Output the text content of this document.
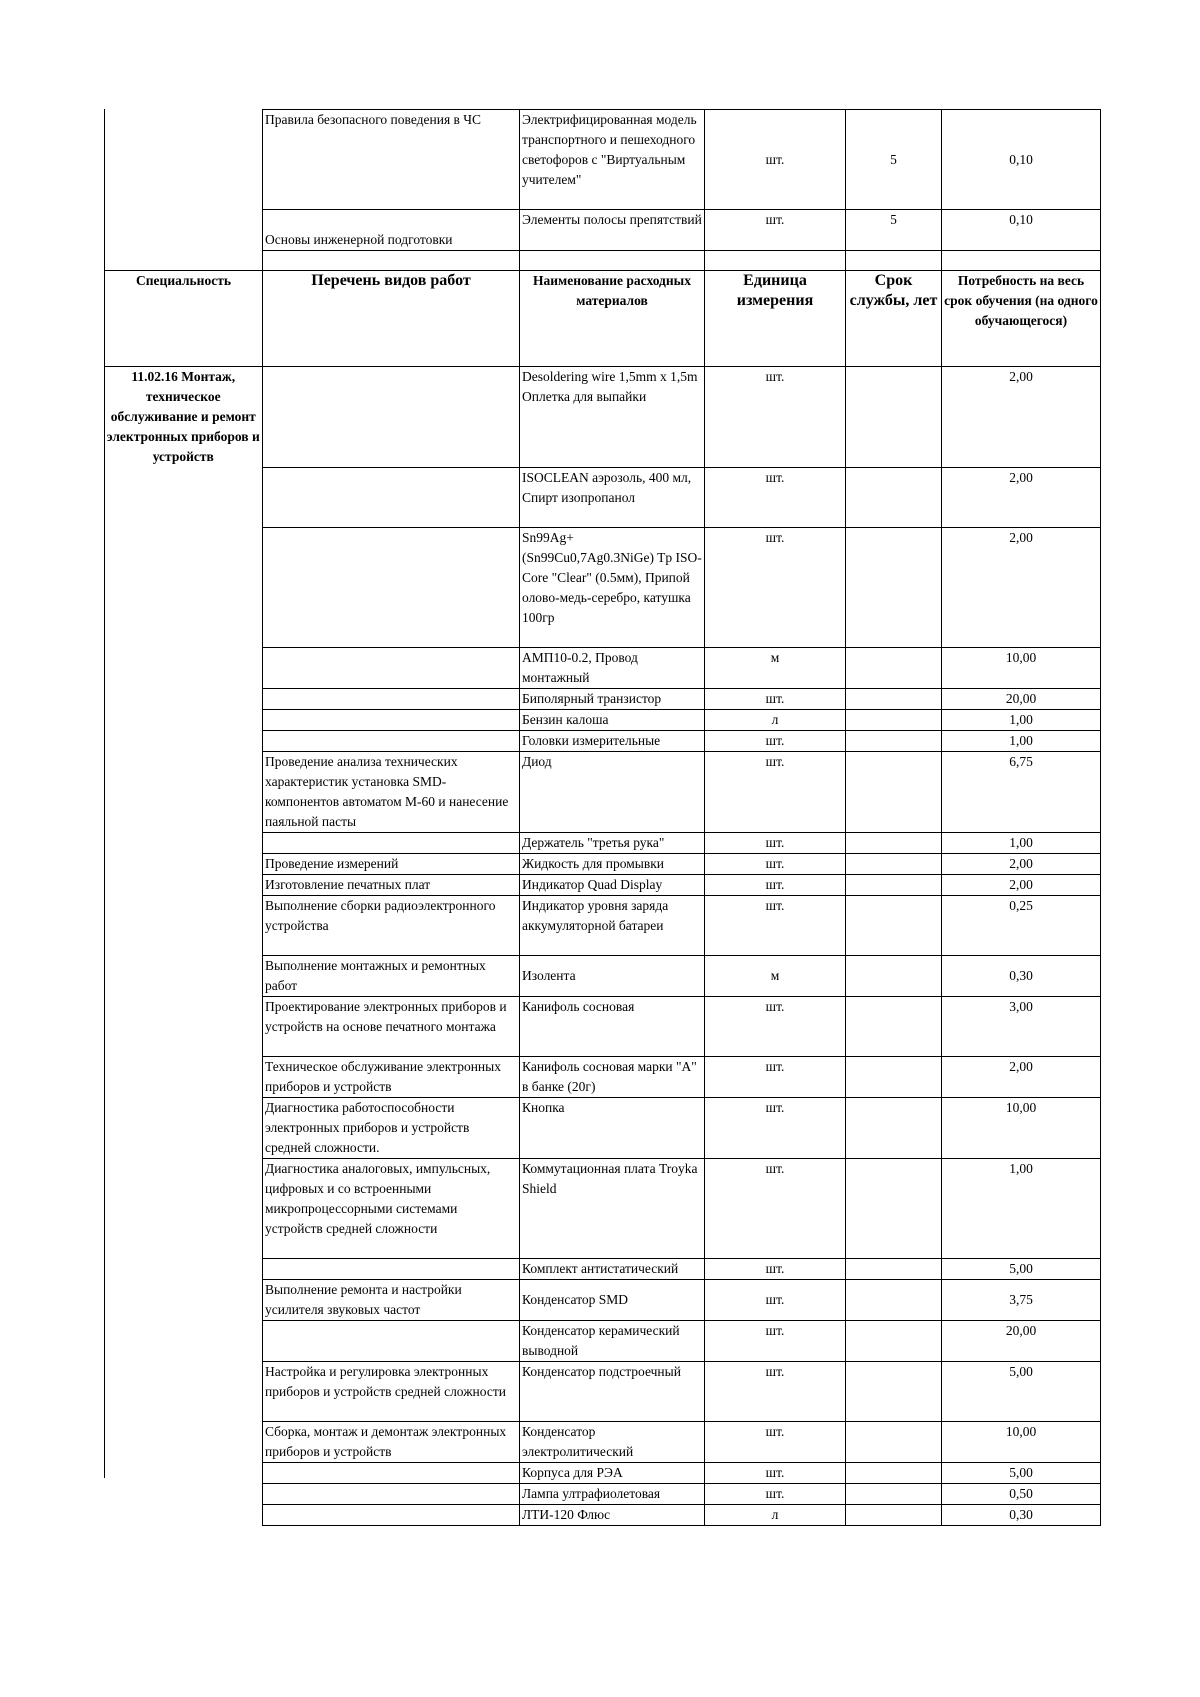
	Правила безопасного поведения в ЧС	Электрифицированная модель транспортного и пешеходного светофоров с "Виртуальным учителем"	шт.	5	0,10
	Основы инженерной подготовки	Элементы полосы препятствий	шт.	5	0,10

Специальность	Перечень видов работ	Наименование расходных материалов	Единица измерения	Срок службы, лет	Потребность на весь срок обучения (на одного обучающегося)
11.02.16 Монтаж, техническое обслуживание и ремонт электронных приборов и устройств		Desoldering wire 1,5mm x 1,5m Оплетка для выпайки	шт.		2,00
		ISOCLEAN аэрозоль, 400 мл, Спирт изопропанол	шт.		2,00
		Sn99Ag+ (Sn99Cu0,7Ag0.3NiGe) Tp ISO-Core "Clear" (0.5мм), Припой олово-медь-серебро, катушка 100гр	шт.		2,00
		АМП10-0.2, Провод монтажный	м		10,00
		Биполярный транзистор	шт.		20,00
		Бензин калоша	л		1,00
		Головки измерительные	шт.		1,00
	Проведение анализа технических характеристик установка SMD-компонентов автоматом М-60 и нанесение паяльной пасты	Диод	шт.		6,75
		Держатель "третья рука"	шт.		1,00
	Проведение измерений	Жидкость для промывки	шт.		2,00
	Изготовление печатных плат	Индикатор Quad Display	шт.		2,00
	Выполнение сборки радиоэлектронного устройства	Индикатор уровня заряда аккумуляторной батареи	шт.		0,25
	Выполнение монтажных и ремонтных работ	Изолента	м		0,30
	Проектирование электронных приборов и устройств на основе печатного монтажа	Канифоль сосновая	шт.		3,00
	Техническое обслуживание электронных приборов и устройств	Канифоль сосновая марки "А" в банке (20г)	шт.		2,00
	Диагностика работоспособности электронных приборов и устройств средней сложности.	Кнопка	шт.		10,00
	Диагностика аналоговых, импульсных, цифровых и со встроенными микропроцессорными системами устройств средней сложности	Коммутационная плата Troyka Shield	шт.		1,00
		Комплект антистатический	шт.		5,00
	Выполнение ремонта и настройки усилителя звуковых частот	Конденсатор SMD	шт.		3,75
		Конденсатор керамический выводной	шт.		20,00
	Настройка и регулировка электронных приборов и устройств средней сложности	Конденсатор подстроечный	шт.		5,00
	Сборка, монтаж и демонтаж электронных приборов и устройств	Конденсатор электролитический	шт.		10,00
		Корпуса для РЭА	шт.		5,00
		Лампа ултрафиолетовая	шт.		0,50
		ЛТИ-120 Флюс	л		0,30
